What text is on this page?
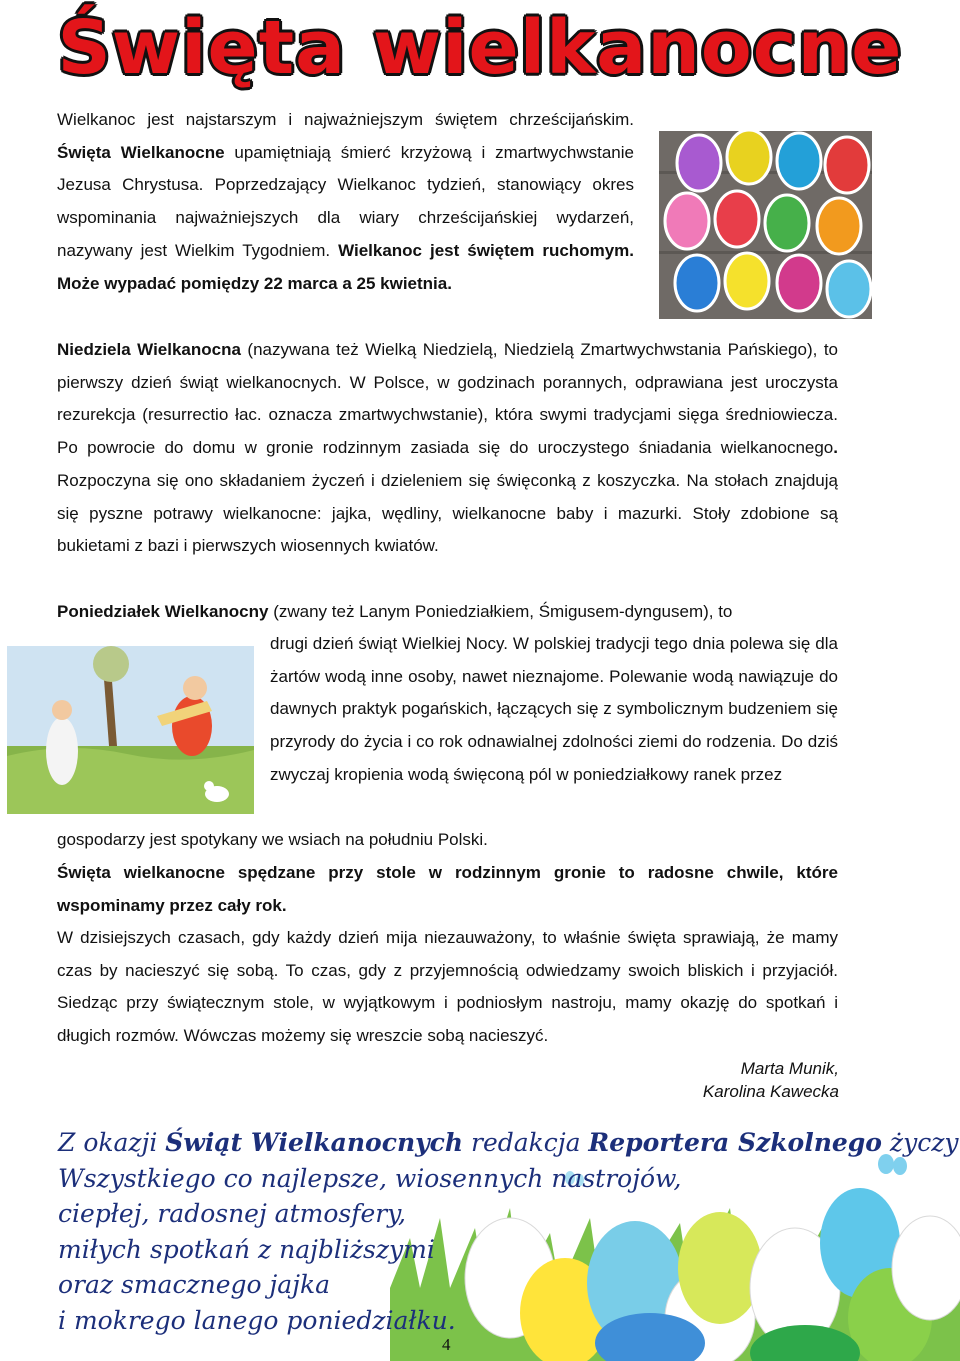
Święta wielkanocne

Wielkanoc jest najstarszym i najważniejszym świętem chrześcijańskim. Święta Wielkanocne upamiętniają śmierć krzyżową i zmartwychwstanie Jezusa Chrystusa. Poprzedzający Wielkanoc tydzień, stanowiący okres wspominania najważniejszych dla wiary chrześcijańskiej wydarzeń, nazywany jest Wielkim Tygodniem. Wielkanoc jest świętem ruchomym. Może wypadać pomiędzy 22 marca a 25 kwietnia.

Niedziela Wielkanocna (nazywana też Wielką Niedzielą, Niedzielą Zmartwychwstania Pańskiego), to pierwszy dzień świąt wielkanocnych. W Polsce, w godzinach porannych, odprawiana jest uroczysta rezurekcja (resurrectio łac. oznacza zmartwychwstanie), która swymi tradycjami sięga średniowiecza. Po powrocie do domu w gronie rodzinnym zasiada się do uroczystego śniadania wielkanocnego. Rozpoczyna się ono składaniem życzeń i dzieleniem się święconką z koszyczka. Na stołach znajdują się pyszne potrawy wielkanocne: jajka, wędliny, wielkanocne baby i mazurki. Stoły zdobione są bukietami z bazi i pierwszych wiosennych kwiatów.

Poniedziałek Wielkanocny (zwany też Lanym Poniedziałkiem, Śmigusem-dyngusem), to

drugi dzień świąt Wielkiej Nocy. W polskiej tradycji tego dnia polewa się dla żartów wodą inne osoby, nawet nieznajome. Polewanie wodą nawiązuje do dawnych praktyk pogańskich, łączących się z symbolicznym budzeniem się przyrody do życia i co rok odnawialnej zdolności ziemi do rodzenia. Do dziś zwyczaj kropienia wodą święconą pól w poniedziałkowy ranek przez

gospodarzy jest spotykany we wsiach na południu Polski.

Święta wielkanocne spędzane przy stole w rodzinnym gronie to radosne chwile, które wspominamy przez cały rok.

W dzisiejszych czasach, gdy każdy dzień mija niezauważony, to właśnie święta sprawiają, że mamy czas by nacieszyć się sobą. To czas, gdy z przyjemnością odwiedzamy swoich bliskich i przyjaciół. Siedząc przy świątecznym stole, w wyjątkowym i podniosłym nastroju, mamy okazję do spotkań i długich rozmów. Wówczas możemy się wreszcie sobą nacieszyć.

Marta Munik,
Karolina Kawecka
Z okazji Świąt Wielkanocnych redakcja Reportera Szkolnego życzy
Wszystkiego co najlepsze, wiosennych nastrojów,
ciepłej, radosnej atmosfery,
miłych spotkań z najbliższymi
oraz smacznego jajka
i mokrego lanego poniedziałku.
4
